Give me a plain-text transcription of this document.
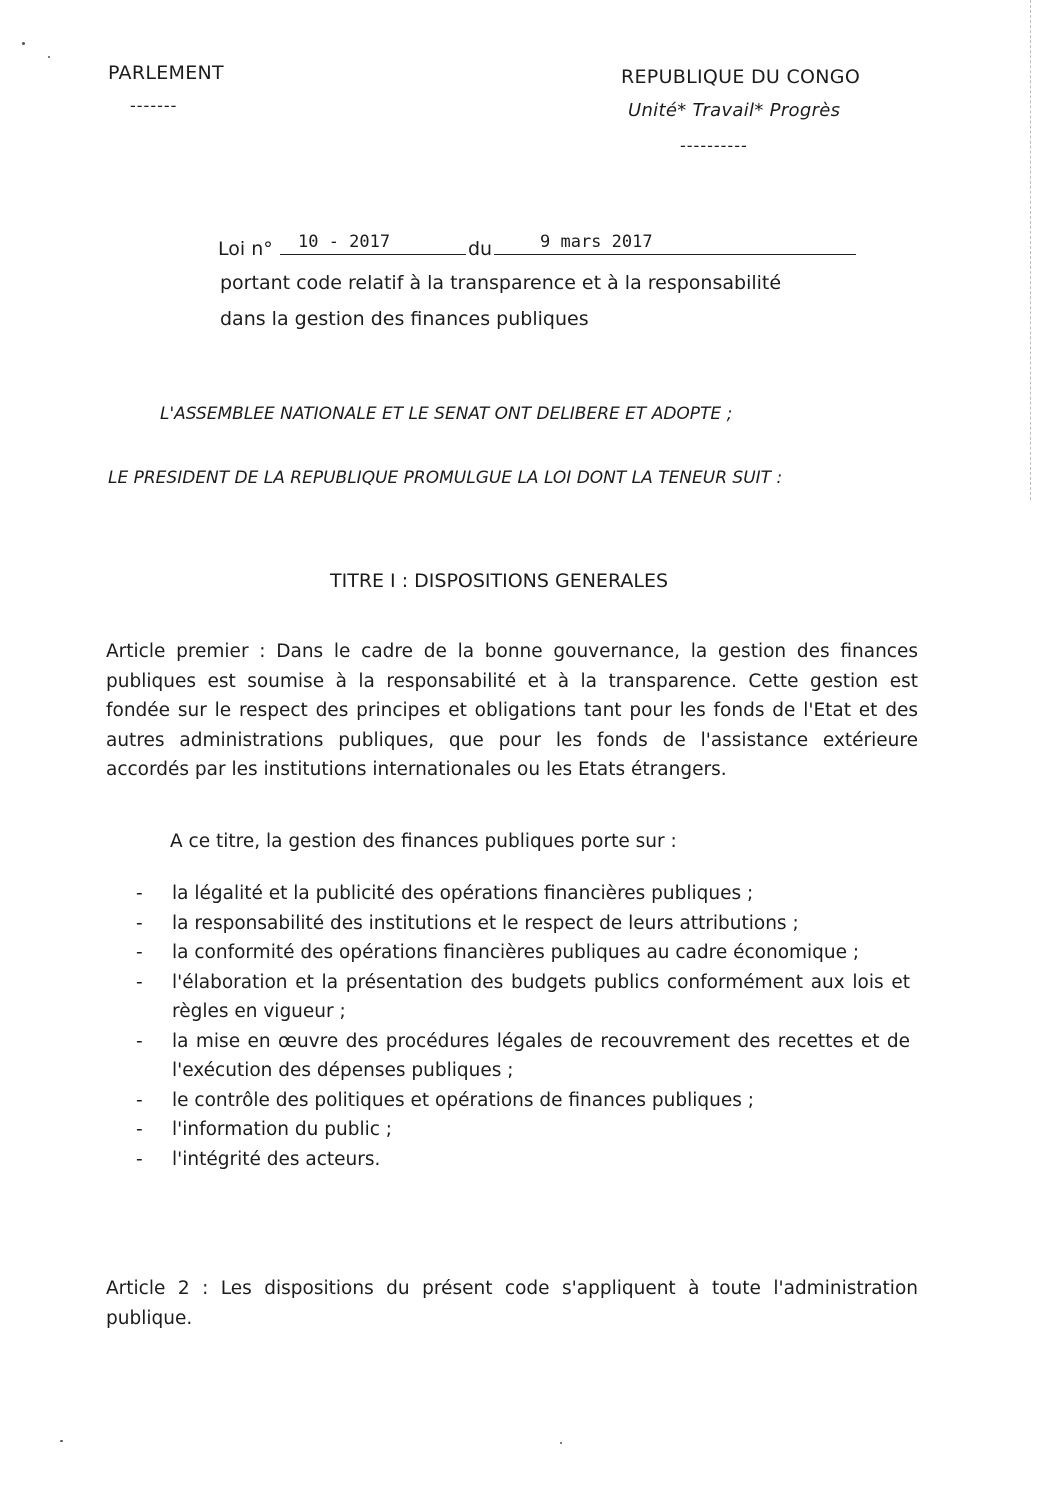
PARLEMENT
-------
REPUBLIQUE DU CONGO
Unité* Travail* Progrès
----------
Loi n° 10 - 2017	du	9 mars 2017
portant code relatif à la transparence et à la responsabilité
dans la gestion des finances publiques
L'ASSEMBLEE NATIONALE ET LE SENAT ONT DELIBERE ET ADOPTE ;
LE PRESIDENT DE LA REPUBLIQUE PROMULGUE LA LOI DONT LA TENEUR SUIT :
TITRE I : DISPOSITIONS GENERALES
Article premier : Dans le cadre de la bonne gouvernance, la gestion des finances publiques est soumise à la responsabilité et à la transparence. Cette gestion est fondée sur le respect des principes et obligations tant pour les fonds de l'Etat et des autres administrations publiques, que pour les fonds de l'assistance extérieure accordés par les institutions internationales ou les Etats étrangers.
A ce titre, la gestion des finances publiques porte sur :
- la légalité et la publicité des opérations financières publiques ;
- la responsabilité des institutions et le respect de leurs attributions ;
- la conformité des opérations financières publiques au cadre économique ;
- l'élaboration et la présentation des budgets publics conformément aux lois et règles en vigueur ;
- la mise en œuvre des procédures légales de recouvrement des recettes et de l'exécution des dépenses publiques ;
- le contrôle des politiques et opérations de finances publiques ;
- l'information du public ;
- l'intégrité des acteurs.
Article 2 : Les dispositions du présent code s'appliquent à toute l'administration publique.
